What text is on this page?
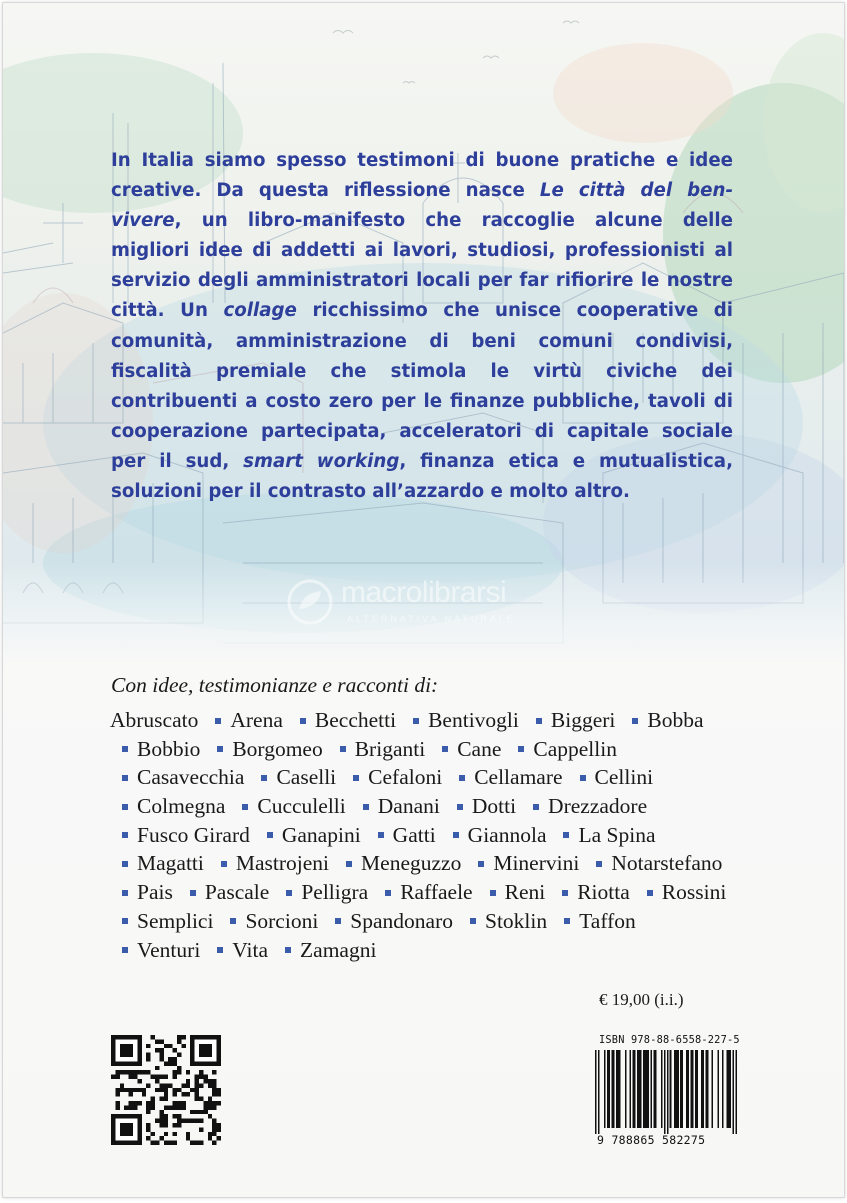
In Italia siamo spesso testimoni di buone pratiche e idee creative. Da questa riflessione nasce Le città del ben-vivere, un libro-manifesto che raccoglie alcune delle migliori idee di addetti ai lavori, studiosi, professionisti al servizio degli amministratori locali per far rifiorire le nostre città. Un collage ricchissimo che unisce cooperative di comunità, amministrazione di beni comuni condivisi, fiscalità premiale che stimola le virtù civiche dei contribuenti a costo zero per le finanze pubbliche, tavoli di cooperazione partecipata, acceleratori di capitale sociale per il sud, smart working, finanza etica e mutualistica, soluzioni per il contrasto all’azzardo e molto altro.

macrolibrarsi
ALTERNATIVA NATURALE
Con idee, testimonianze e racconti di:
Abruscato	Arena	Becchetti	Bentivogli	Biggeri	Bobba
Bobbio	Borgomeo	Briganti	Cane	Cappellin
Casavecchia	Caselli	Cefaloni	Cellamare	Cellini
Colmegna	Cucculelli	Danani	Dotti	Drezzadore
Fusco Girard	Ganapini	Gatti	Giannola	La Spina
Magatti	Mastrojeni	Meneguzzo	Minervini	Notarstefano
Pais	Pascale	Pelligra	Raffaele	Reni	Riotta	Rossini
Semplici	Sorcioni	Spandonaro	Stoklin	Taffon
Venturi	Vita	Zamagni
€ 19,00 (i.i.)
ISBN 978-88-6558-227-5
9 788865 582275
